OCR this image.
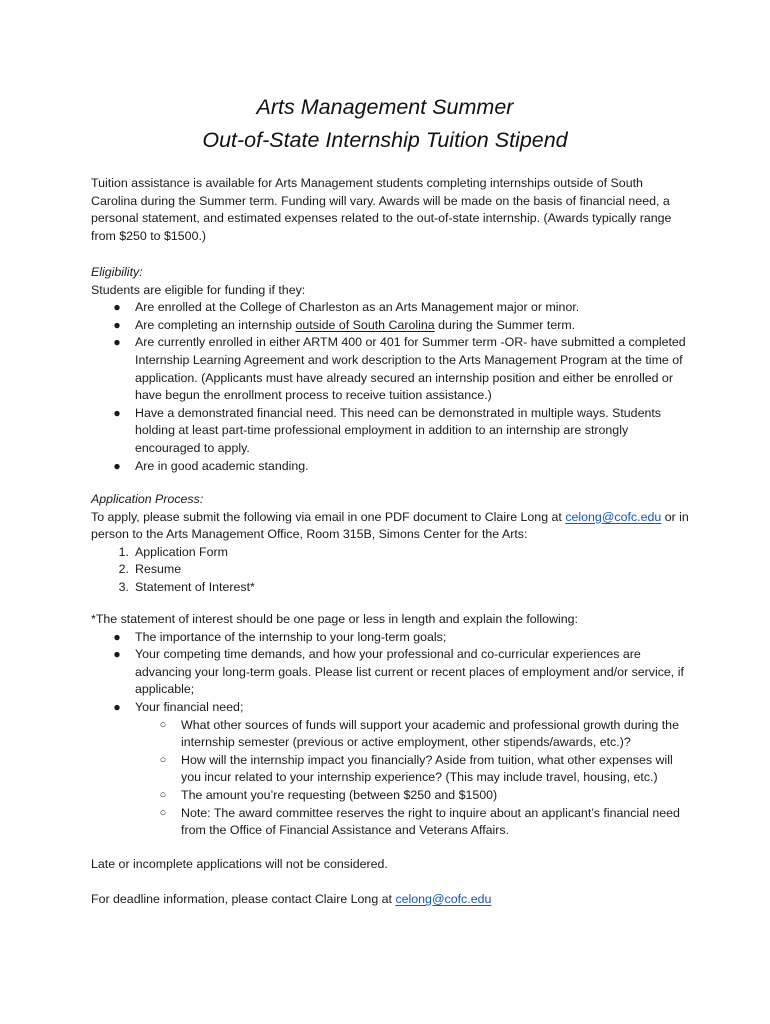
Arts Management Summer
Out-of-State Internship Tuition Stipend

Tuition assistance is available for Arts Management students completing internships outside of South Carolina during the Summer term. Funding will vary. Awards will be made on the basis of financial need, a personal statement, and estimated expenses related to the out-of-state internship. (Awards typically range from $250 to $1500.)

Eligibility:
Students are eligible for funding if they:
● Are enrolled at the College of Charleston as an Arts Management major or minor.
● Are completing an internship outside of South Carolina during the Summer term.
● Are currently enrolled in either ARTM 400 or 401 for Summer term -OR- have submitted a completed Internship Learning Agreement and work description to the Arts Management Program at the time of application. (Applicants must have already secured an internship position and either be enrolled or have begun the enrollment process to receive tuition assistance.)
● Have a demonstrated financial need. This need can be demonstrated in multiple ways. Students holding at least part-time professional employment in addition to an internship are strongly encouraged to apply.
● Are in good academic standing.
Application Process:
To apply, please submit the following via email in one PDF document to Claire Long at celong@cofc.edu or in person to the Arts Management Office, Room 315B, Simons Center for the Arts:
1. Application Form
2. Resume
3. Statement of Interest*
*The statement of interest should be one page or less in length and explain the following:
● The importance of the internship to your long-term goals;
● Your competing time demands, and how your professional and co-curricular experiences are advancing your long-term goals. Please list current or recent places of employment and/or service, if applicable;
● Your financial need;
○ What other sources of funds will support your academic and professional growth during the internship semester (previous or active employment, other stipends/awards, etc.)?
○ How will the internship impact you financially? Aside from tuition, what other expenses will you incur related to your internship experience? (This may include travel, housing, etc.)
○ The amount you’re requesting (between $250 and $1500)
○ Note: The award committee reserves the right to inquire about an applicant’s financial need from the Office of Financial Assistance and Veterans Affairs.

Late or incomplete applications will not be considered.

For deadline information, please contact Claire Long at celong@cofc.edu
